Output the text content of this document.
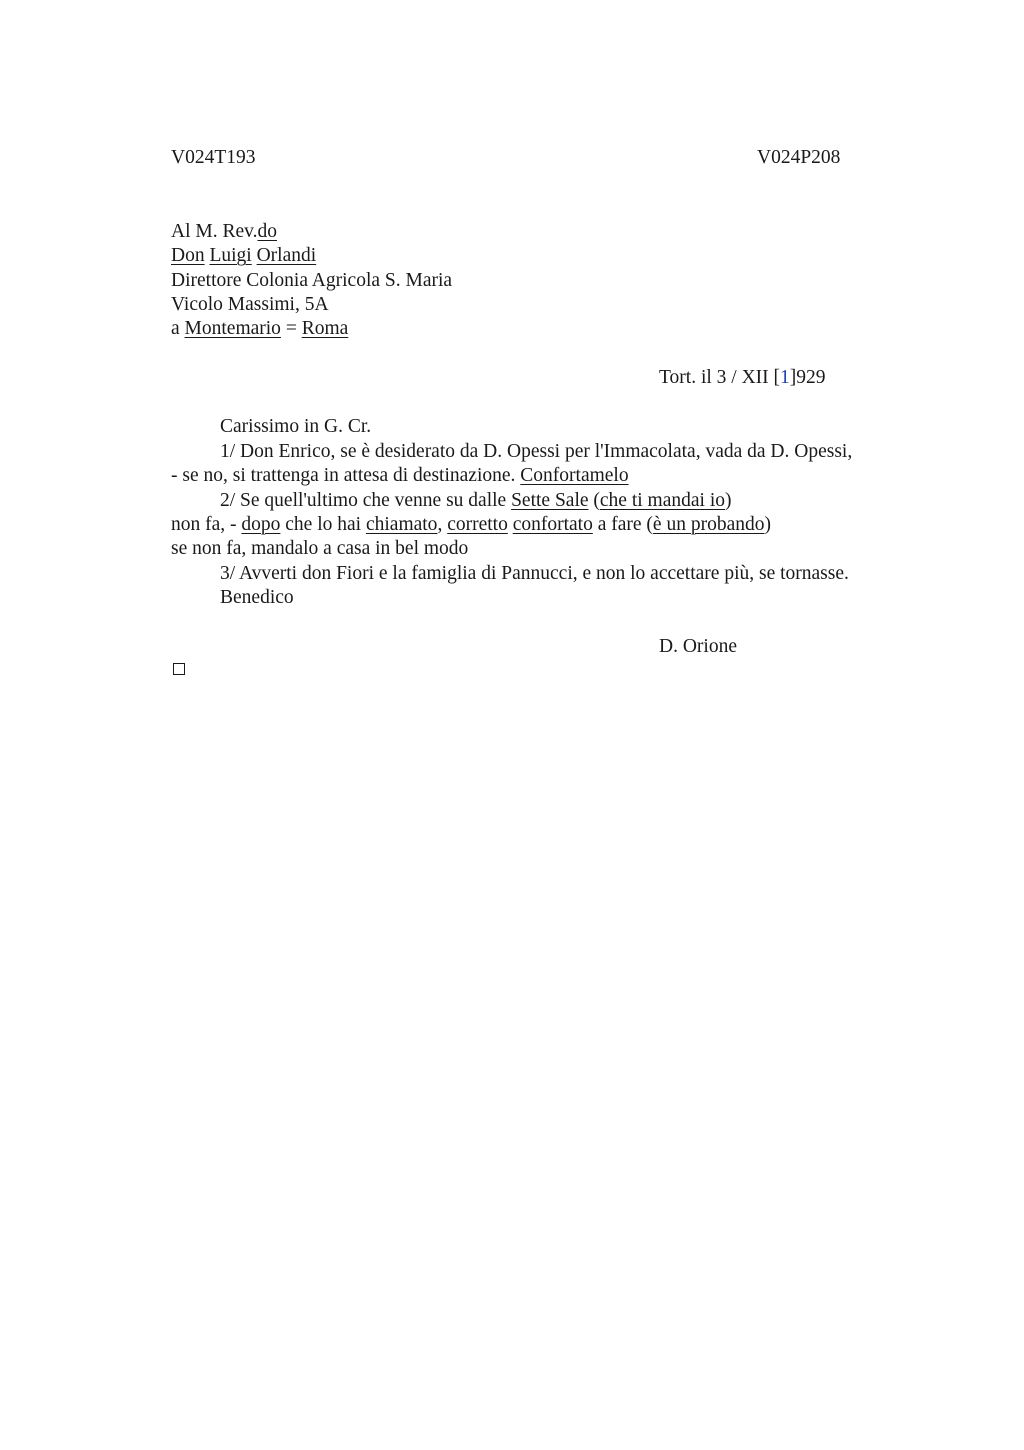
V024T193	V024P208
Al M. Rev.do
Don Luigi Orlandi
Direttore Colonia Agricola S. Maria
Vicolo Massimi, 5A
a Montemario = Roma
Tort. il 3 / XII [1]929
Carissimo in G. Cr.
1/ Don Enrico, se è desiderato da D. Opessi per l'Immacolata, vada da D. Opessi,
- se no, si trattenga in attesa di destinazione. Confortamelo
2/ Se quell'ultimo che venne su dalle Sette Sale (che ti mandai io)
non fa, - dopo che lo hai chiamato, corretto confortato a fare (è un probando)
se non fa, mandalo a casa in bel modo
3/ Avverti don Fiori e la famiglia di Pannucci, e non lo accettare più, se tornasse.
Benedico
D. Orione
